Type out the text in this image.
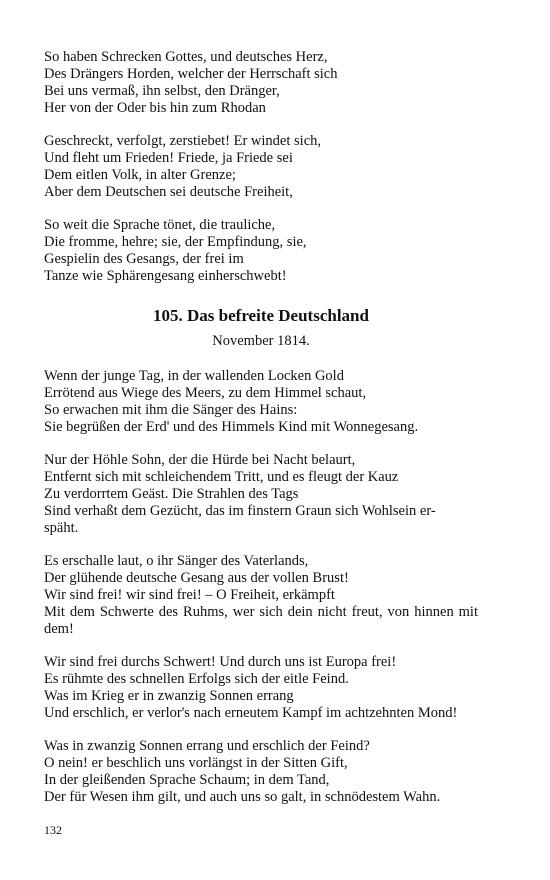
So haben Schrecken Gottes, und deutsches Herz,
Des Drängers Horden, welcher der Herrschaft sich
Bei uns vermaß, ihn selbst, den Dränger,
Her von der Oder bis hin zum Rhodan
Geschreckt, verfolgt, zerstiebet! Er windet sich,
Und fleht um Frieden! Friede, ja Friede sei
Dem eitlen Volk, in alter Grenze;
Aber dem Deutschen sei deutsche Freiheit,
So weit die Sprache tönet, die trauliche,
Die fromme, hehre; sie, der Empfindung, sie,
Gespielin des Gesangs, der frei im
Tanze wie Sphärengesang einherschwebt!
105. Das befreite Deutschland
November 1814.
Wenn der junge Tag, in der wallenden Locken Gold
Errötend aus Wiege des Meers, zu dem Himmel schaut,
So erwachen mit ihm die Sänger des Hains:
Sie begrüßen der Erd' und des Himmels Kind mit Wonnegesang.
Nur der Höhle Sohn, der die Hürde bei Nacht belaurt,
Entfernt sich mit schleichendem Tritt, und es fleugt der Kauz
Zu verdorrtem Geäst. Die Strahlen des Tags
Sind verhaßt dem Gezücht, das im finstern Graun sich Wohlsein er-
späht.
Es erschalle laut, o ihr Sänger des Vaterlands,
Der glühende deutsche Gesang aus der vollen Brust!
Wir sind frei! wir sind frei! – O Freiheit, erkämpft
Mit dem Schwerte des Ruhms, wer sich dein nicht freut, von hinnen mit dem!
Wir sind frei durchs Schwert! Und durch uns ist Europa frei!
Es rühmte des schnellen Erfolgs sich der eitle Feind.
Was im Krieg er in zwanzig Sonnen errang
Und erschlich, er verlor's nach erneutem Kampf im achtzehnten Mond!
Was in zwanzig Sonnen errang und erschlich der Feind?
O nein! er beschlich uns vorlängst in der Sitten Gift,
In der gleißenden Sprache Schaum; in dem Tand,
Der für Wesen ihm gilt, und auch uns so galt, in schnödestem Wahn.
132
